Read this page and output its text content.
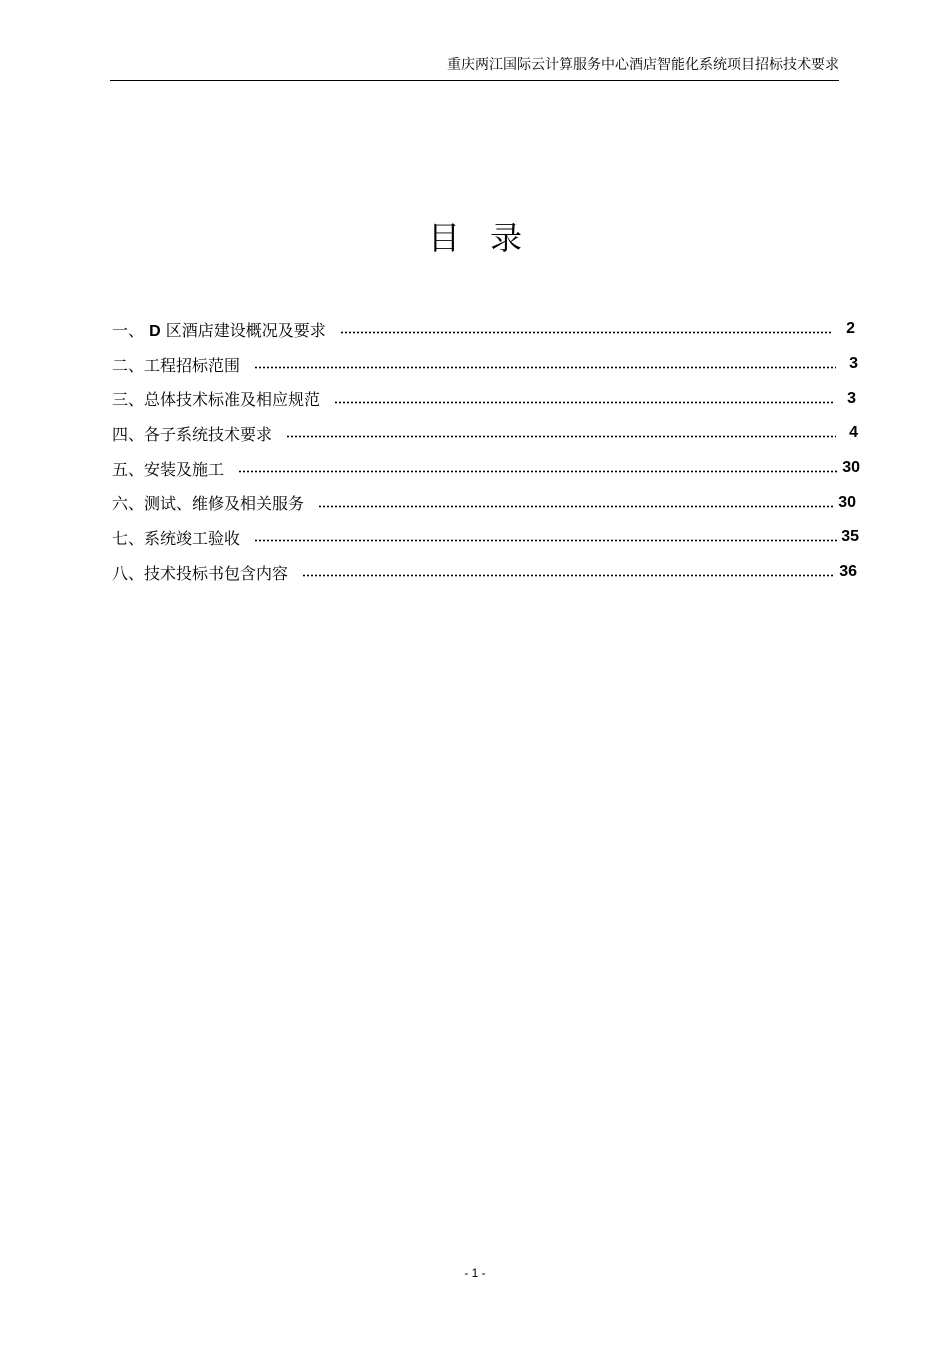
重庆两江国际云计算服务中心酒店智能化系统项目招标技术要求
目录
一、 D 区酒店建设概况及要求	2
二、工程招标范围	3
三、总体技术标准及相应规范	3
四、各子系统技术要求	4
五、安装及施工	30
六、测试、维修及相关服务	30
七、系统竣工验收	35
八、技术投标书包含内容	36
- 1 -
